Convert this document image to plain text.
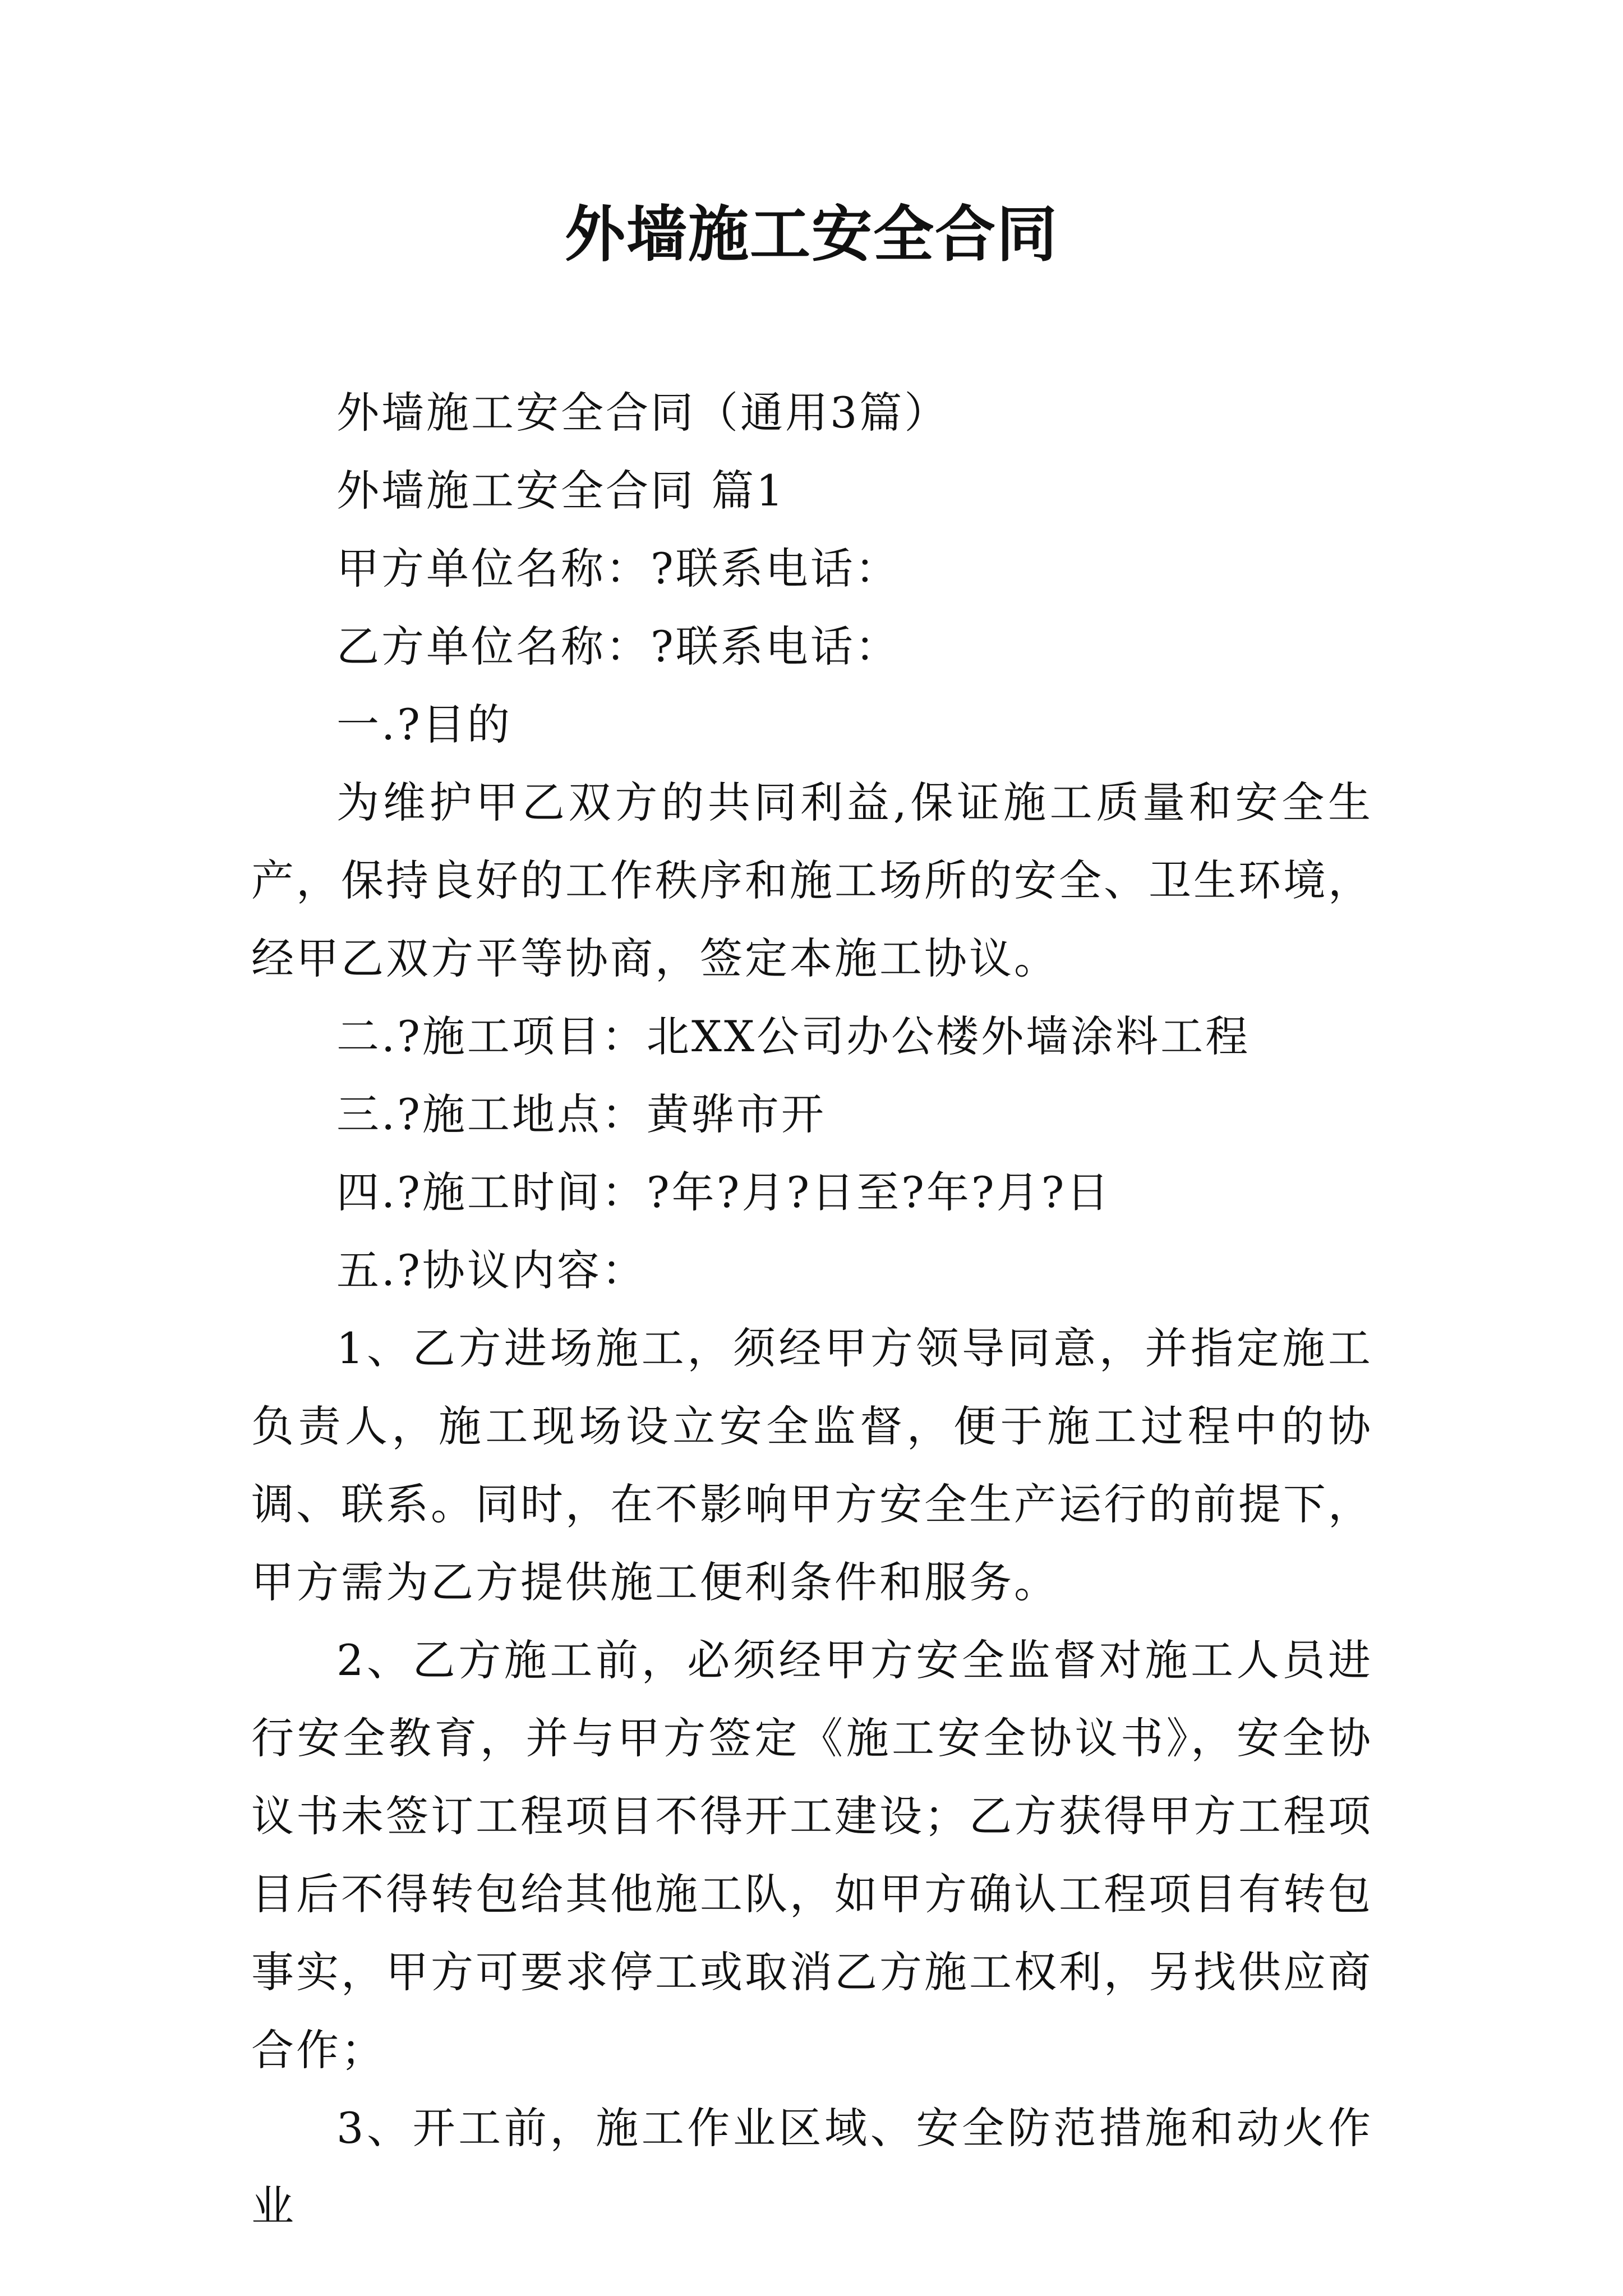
外墙施工安全合同

外墙施工安全合同（通用3篇）

外墙施工安全合同 篇1

甲方单位名称：?联系电话：

乙方单位名称：?联系电话：

一.?目的

为维护甲乙双方的共同利益,保证施工质量和安全生产，保持良好的工作秩序和施工场所的安全、卫生环境，经甲乙双方平等协商，签定本施工协议。

二.?施工项目：北XX公司办公楼外墙涂料工程

三.?施工地点：黄骅市开

四.?施工时间：?年?月?日至?年?月?日

五.?协议内容：

1、乙方进场施工，须经甲方领导同意，并指定施工负责人，施工现场设立安全监督，便于施工过程中的协调、联系。同时，在不影响甲方安全生产运行的前提下，甲方需为乙方提供施工便利条件和服务。

2、乙方施工前，必须经甲方安全监督对施工人员进行安全教育，并与甲方签定《施工安全协议书》，安全协议书未签订工程项目不得开工建设；乙方获得甲方工程项目后不得转包给其他施工队，如甲方确认工程项目有转包事实，甲方可要求停工或取消乙方施工权利，另找供应商合作；

3、开工前，施工作业区域、安全防范措施和动火作业
